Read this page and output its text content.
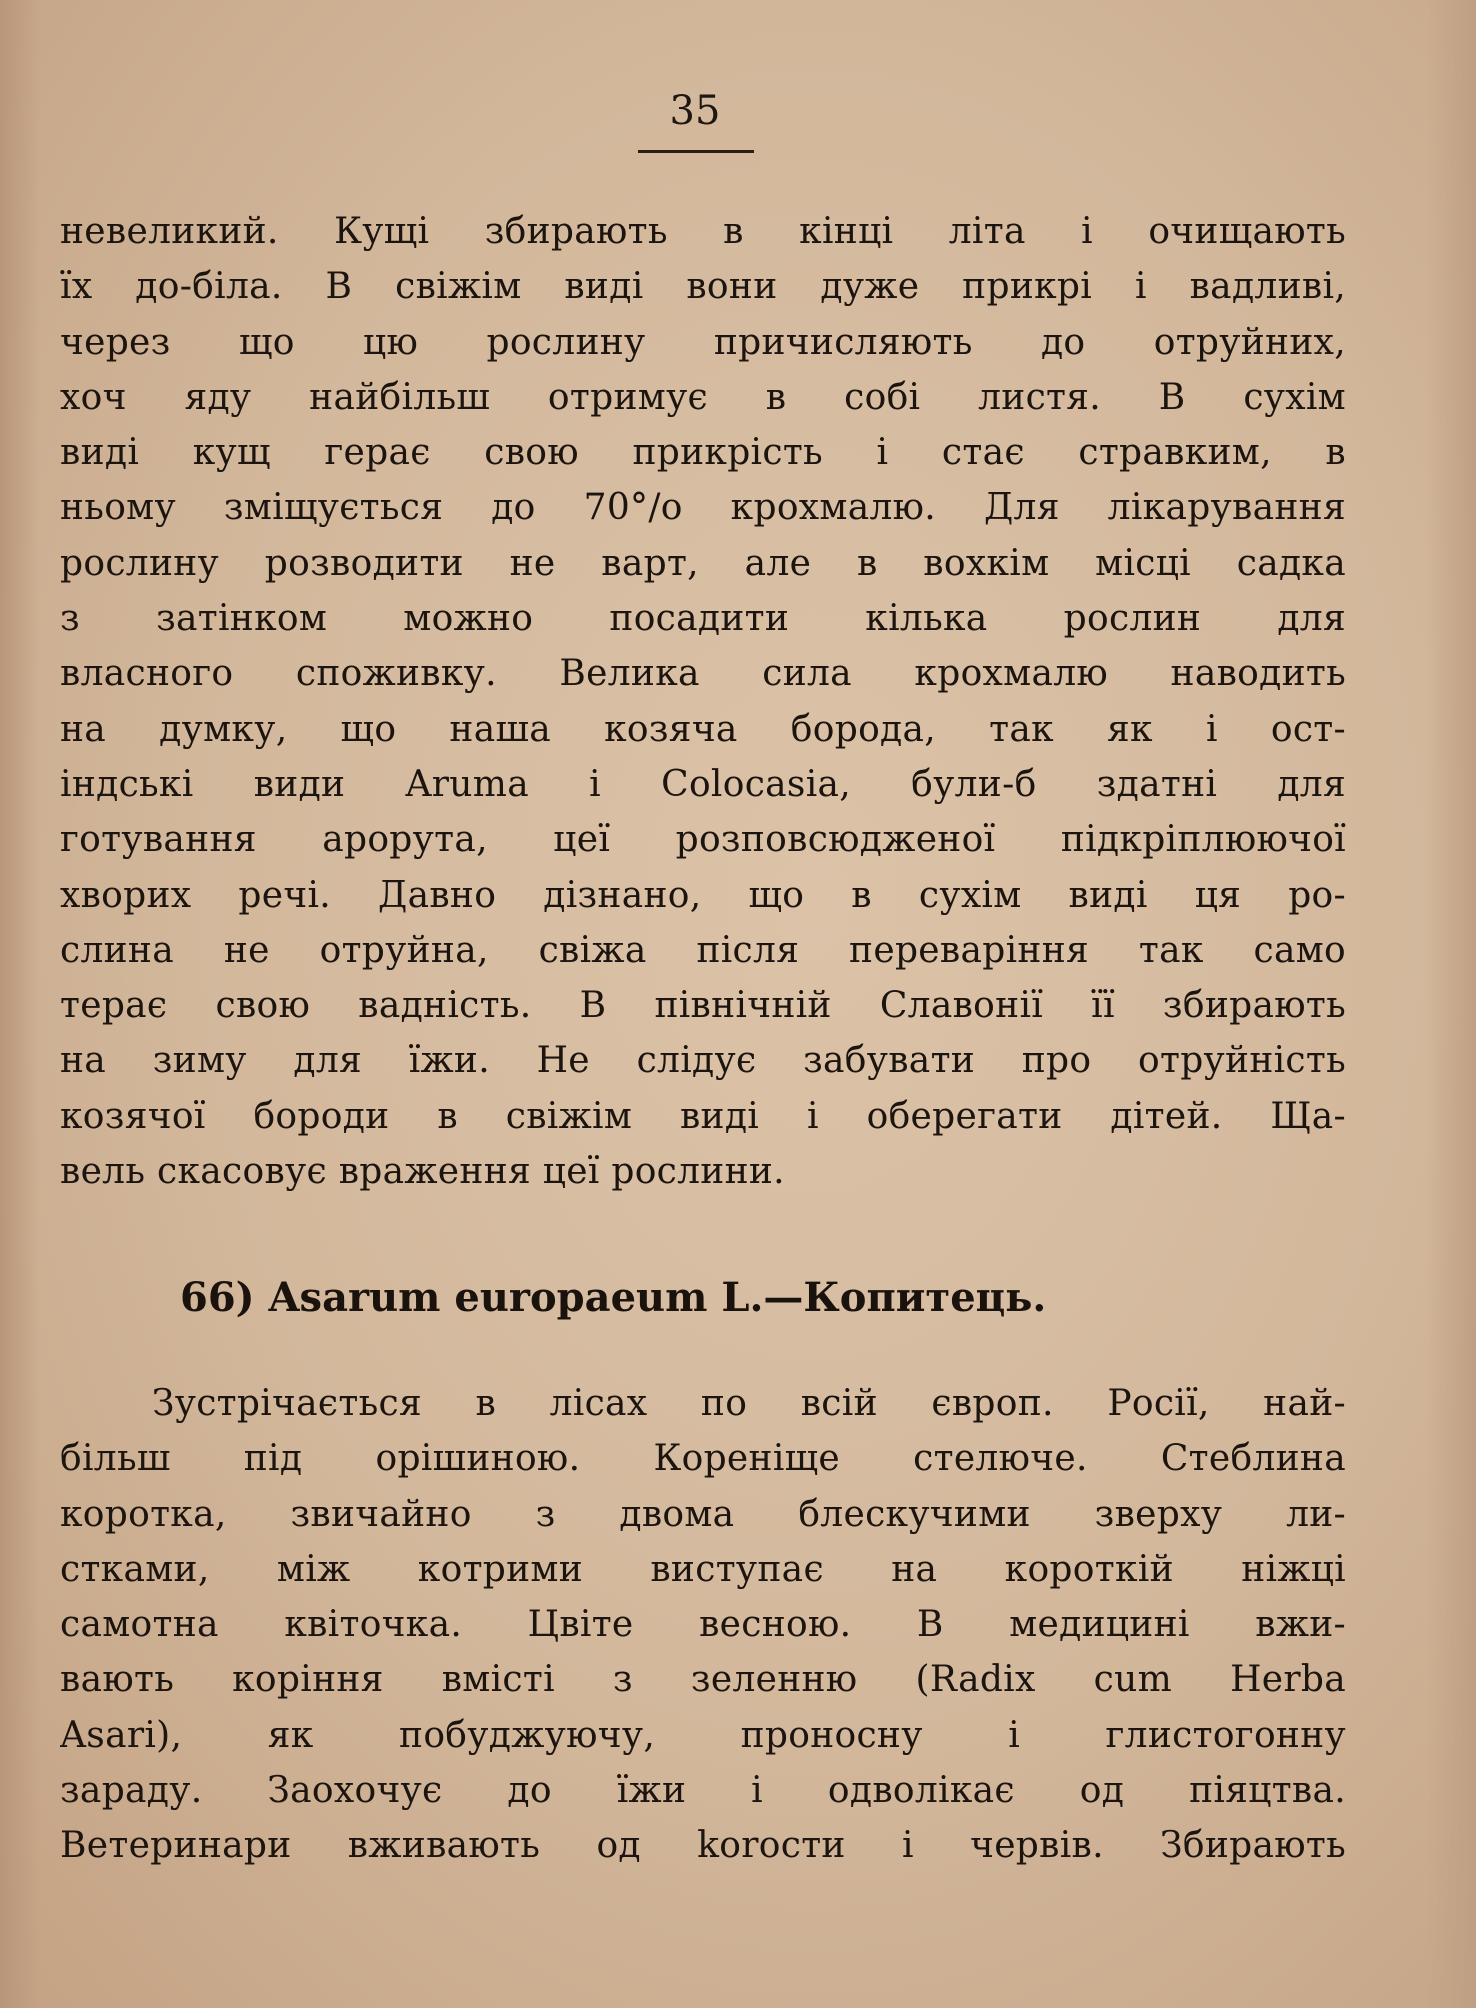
35
невеликий. Кущі збирають в кінці літа і очищають
їх до-біла. В свіжім виді вони дуже прикрі і вадливі,
через що цю рослину причисляють до отруйних,
хоч яду найбільш отримує в собі листя. В сухім
виді кущ герає свою прикрість і стає стравким, в
ньому зміщується до 70°/о крохмалю. Для лікарування
рослину розводити не варт, але в вохкім місці садка
з затінком можно посадити кілька рослин для
власного споживку. Велика сила крохмалю наводить
на думку, що наша козяча борода, так як і ост-
індські види Aruma і Colocasia, були-б здатні для
готування арорута, цеї розповсюдженої підкріплюючої
хворих речі. Давно дізнано, що в сухім виді ця ро-
слина не отруйна, свіжа після переваріння так само
терає свою вадність. В північній Славонії її збирають
на зиму для їжи. Не слідує забувати про отруйність
козячої бороди в свіжім виді і оберегати дітей. Ща-
вель скасовує враження цеї рослини.
66) Asarum europaeum L.—Копитець.
Зустрічається в лісах по всій європ. Росії, най-
більш під орішиною. Кореніще стелюче. Стеблина
коротка, звичайно з двома блескучими зверху ли-
стками, між котрими виступає на короткій ніжці
самотна квіточка. Цвіте весною. В медицині вжи-
вають коріння вмісті з зеленню (Radix cum Herba
Asari), як побуджуючу, проносну і глистогонну
зараду. Заохочує до їжи і одволікає од піяцтва.
Ветеринари вживають од korocти і червів. Збирають
